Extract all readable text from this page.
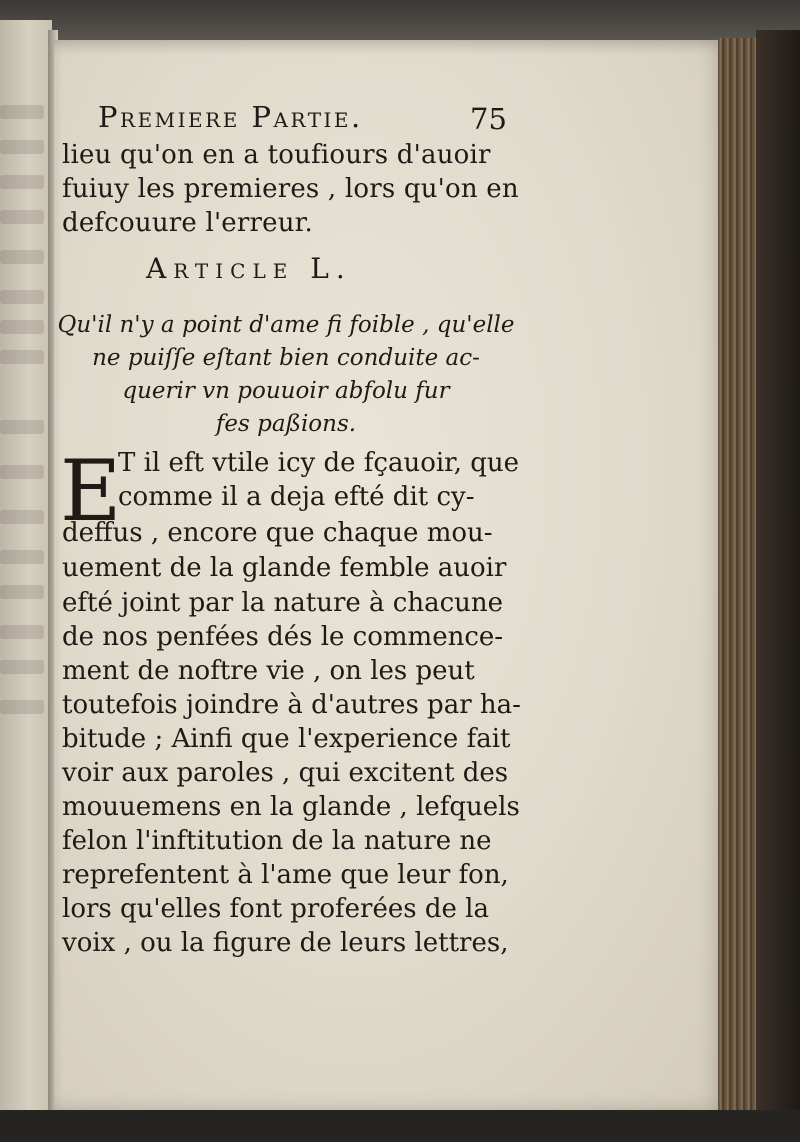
Premiere Partie.	75
lieu qu'on en a toufiours d'auoir
fuiuy les premieres , lors qu'on en
defcouure l'erreur.
Article L.
Qu'il n'y a point d'ame fi foible , qu'elle
ne puiſſe eſtant bien conduite ac-
querir vn pouuoir abfolu fur
fes paßions.
E
T il eft vtile icy de fçauoir, que
comme il a deja efté dit cy-
deffus , encore que chaque mou-
uement de la glande femble auoir
efté joint par la nature à chacune
de nos penfées dés le commence-
ment de noftre vie , on les peut
toutefois joindre à d'autres par ha-
bitude ; Ainfi que l'experience fait
voir aux paroles , qui excitent des
mouuemens en la glande , lefquels
felon l'inftitution de la nature ne
reprefentent à l'ame que leur fon,
lors qu'elles font proferées de la
voix , ou la figure de leurs lettres,
